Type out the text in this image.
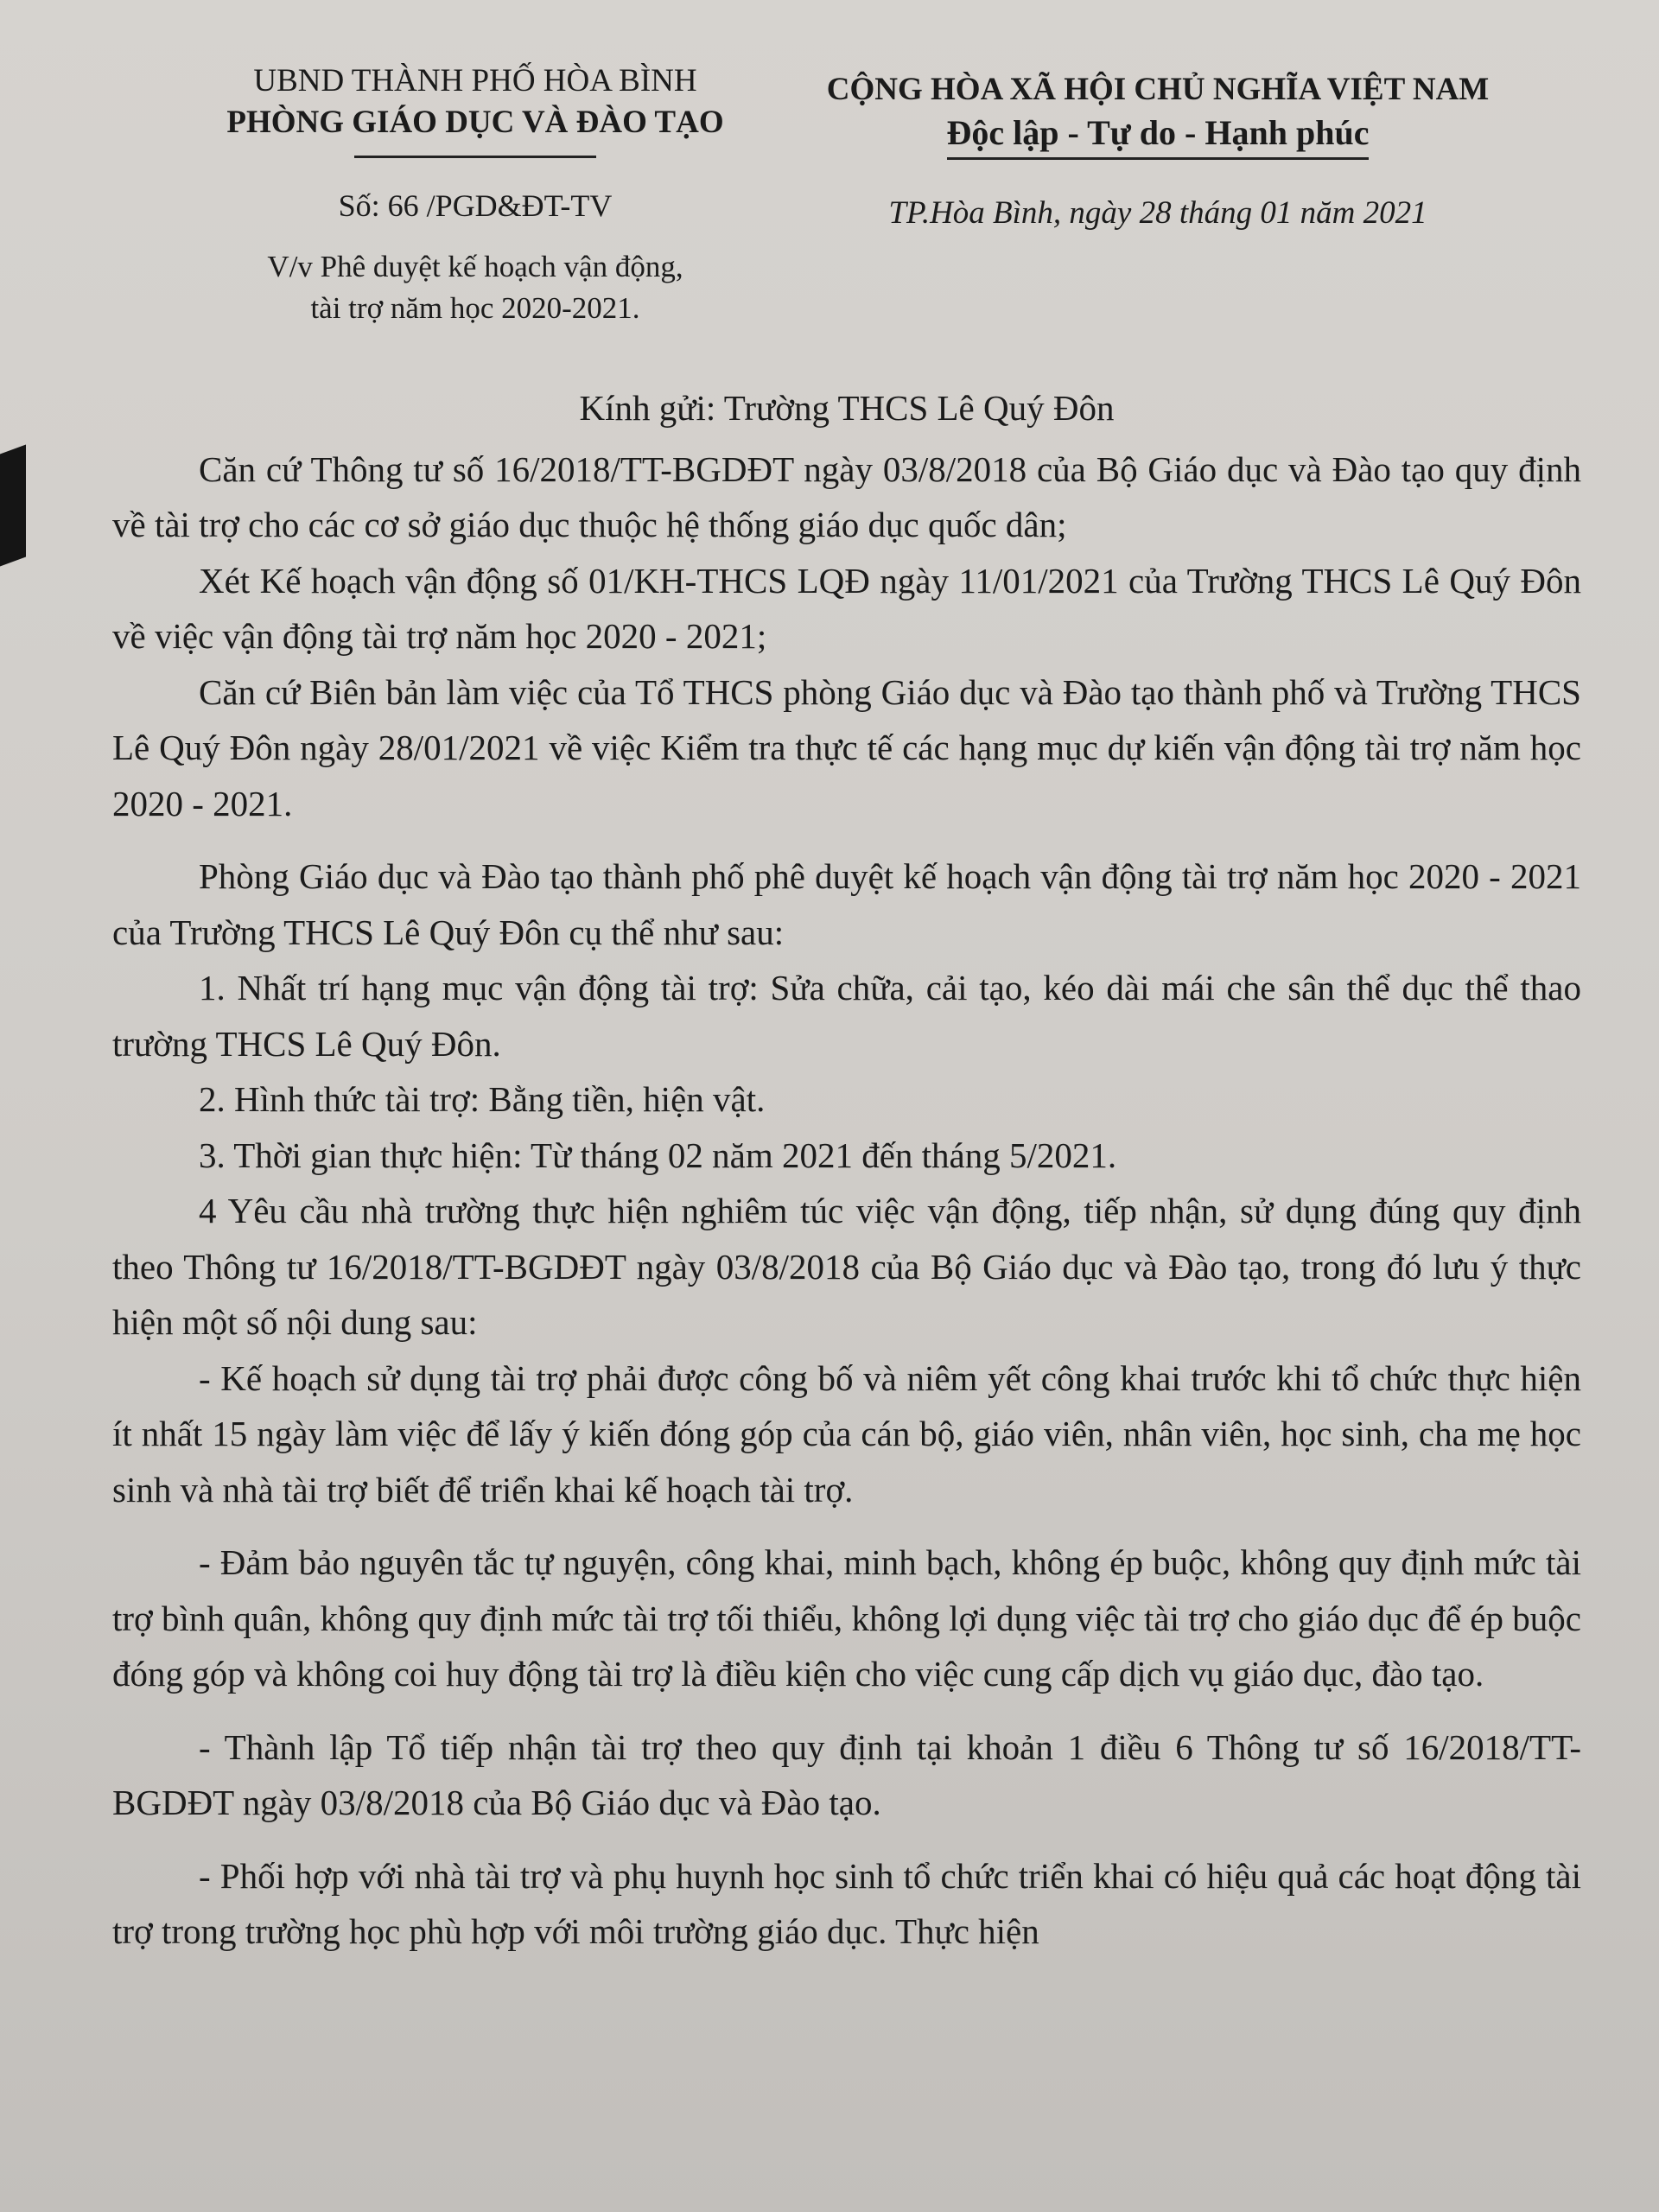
UBND THÀNH PHỐ HÒA BÌNH
PHÒNG GIÁO DỤC VÀ ĐÀO TẠO
Số: 66 /PGD&ĐT-TV
V/v Phê duyệt kế hoạch vận động,
tài trợ năm học 2020-2021.
CỘNG HÒA XÃ HỘI CHỦ NGHĨA VIỆT NAM
Độc lập - Tự do - Hạnh phúc
TP.Hòa Bình, ngày 28 tháng 01 năm 2021
Kính gửi: Trường THCS Lê Quý Đôn

Căn cứ Thông tư số 16/2018/TT-BGDĐT ngày 03/8/2018 của Bộ Giáo dục và Đào tạo quy định về tài trợ cho các cơ sở giáo dục thuộc hệ thống giáo dục quốc dân;

Xét Kế hoạch vận động số 01/KH-THCS LQĐ ngày 11/01/2021 của Trường THCS Lê Quý Đôn về việc vận động tài trợ năm học 2020 - 2021;

Căn cứ Biên bản làm việc của Tổ THCS phòng Giáo dục và Đào tạo thành phố và Trường THCS Lê Quý Đôn ngày 28/01/2021 về việc Kiểm tra thực tế các hạng mục dự kiến vận động tài trợ năm học 2020 - 2021.

Phòng Giáo dục và Đào tạo thành phố phê duyệt kế hoạch vận động tài trợ năm học 2020 - 2021 của Trường THCS Lê Quý Đôn cụ thể như sau:

1. Nhất trí hạng mục vận động tài trợ: Sửa chữa, cải tạo, kéo dài mái che sân thể dục thể thao trường THCS Lê Quý Đôn.

2. Hình thức tài trợ: Bằng tiền, hiện vật.

3. Thời gian thực hiện: Từ tháng 02 năm 2021 đến tháng 5/2021.

4 Yêu cầu nhà trường thực hiện nghiêm túc việc vận động, tiếp nhận, sử dụng đúng quy định theo Thông tư 16/2018/TT-BGDĐT ngày 03/8/2018 của Bộ Giáo dục và Đào tạo, trong đó lưu ý thực hiện một số nội dung sau:

- Kế hoạch sử dụng tài trợ phải được công bố và niêm yết công khai trước khi tổ chức thực hiện ít nhất 15 ngày làm việc để lấy ý kiến đóng góp của cán bộ, giáo viên, nhân viên, học sinh, cha mẹ học sinh và nhà tài trợ biết để triển khai kế hoạch tài trợ.

- Đảm bảo nguyên tắc tự nguyện, công khai, minh bạch, không ép buộc, không quy định mức tài trợ bình quân, không quy định mức tài trợ tối thiểu, không lợi dụng việc tài trợ cho giáo dục để ép buộc đóng góp và không coi huy động tài trợ là điều kiện cho việc cung cấp dịch vụ giáo dục, đào tạo.

- Thành lập Tổ tiếp nhận tài trợ theo quy định tại khoản 1 điều 6 Thông tư số 16/2018/TT-BGDĐT ngày 03/8/2018 của Bộ Giáo dục và Đào tạo.

- Phối hợp với nhà tài trợ và phụ huynh học sinh tổ chức triển khai có hiệu quả các hoạt động tài trợ trong trường học phù hợp với môi trường giáo dục. Thực hiện
